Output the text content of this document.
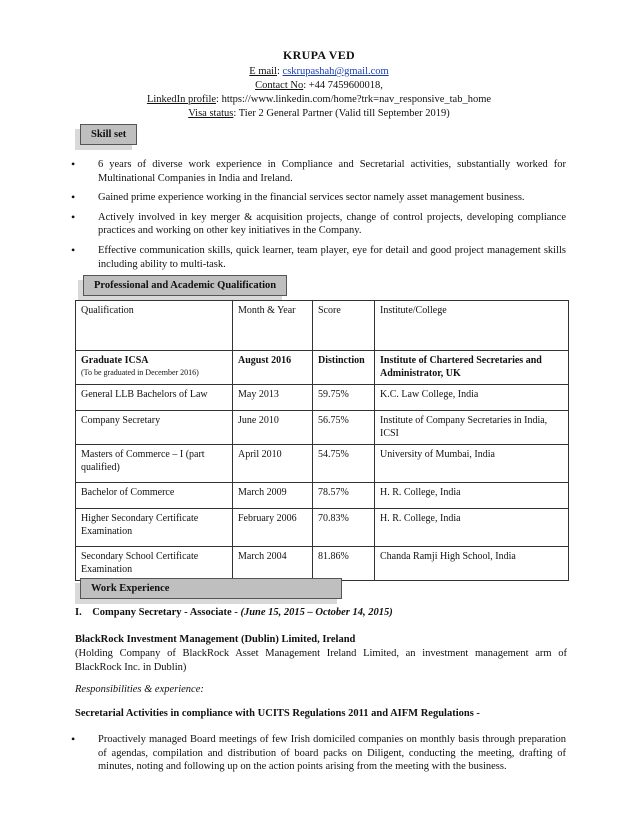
KRUPA VED
E mail: cskrupashah@gmail.com
Contact No: +44 7459600018,
LinkedIn profile: https://www.linkedin.com/home?trk=nav_responsive_tab_home
Visa status: Tier 2 General Partner (Valid till September 2019)
Skill set
• 6 years of diverse work experience in Compliance and Secretarial activities, substantially worked for Multinational Companies in India and Ireland.
• Gained prime experience working in the financial services sector namely asset management business.
• Actively involved in key merger & acquisition projects, change of control projects, developing compliance practices and working on other key initiatives in the Company.
• Effective communication skills, quick learner, team player, eye for detail and good project management skills including ability to multi-task.
Professional and Academic Qualification
Qualification	Month & Year	Score	Institute/College

Graduate ICSA
(To be graduated in December 2016)	August 2016	Distinction	Institute of Chartered Secretaries and Administrator, UK
General LLB Bachelors of Law	May 2013	59.75%	K.C. Law College, India
Company Secretary	June 2010	56.75%	Institute of Company Secretaries in India, ICSI
Masters of Commerce – I (part qualified)	April 2010	54.75%	University of Mumbai, India
Bachelor of Commerce	March 2009	78.57%	H. R. College, India
Higher Secondary Certificate Examination	February 2006	70.83%	H. R. College, India
Secondary School Certificate Examination	March 2004	81.86%	Chanda Ramji High School, India
Work Experience
I. Company Secretary - Associate - (June 15, 2015 – October 14, 2015)
BlackRock Investment Management (Dublin) Limited, Ireland
(Holding Company of BlackRock Asset Management Ireland Limited, an investment management arm of BlackRock Inc. in Dublin)
Responsibilities & experience:
Secretarial Activities in compliance with UCITS Regulations 2011 and AIFM Regulations -
• Proactively managed Board meetings of few Irish domiciled companies on monthly basis through preparation of agendas, compilation and distribution of board packs on Diligent, conducting the meeting, drafting of minutes, noting and following up on the action points arising from the meeting with the business.
